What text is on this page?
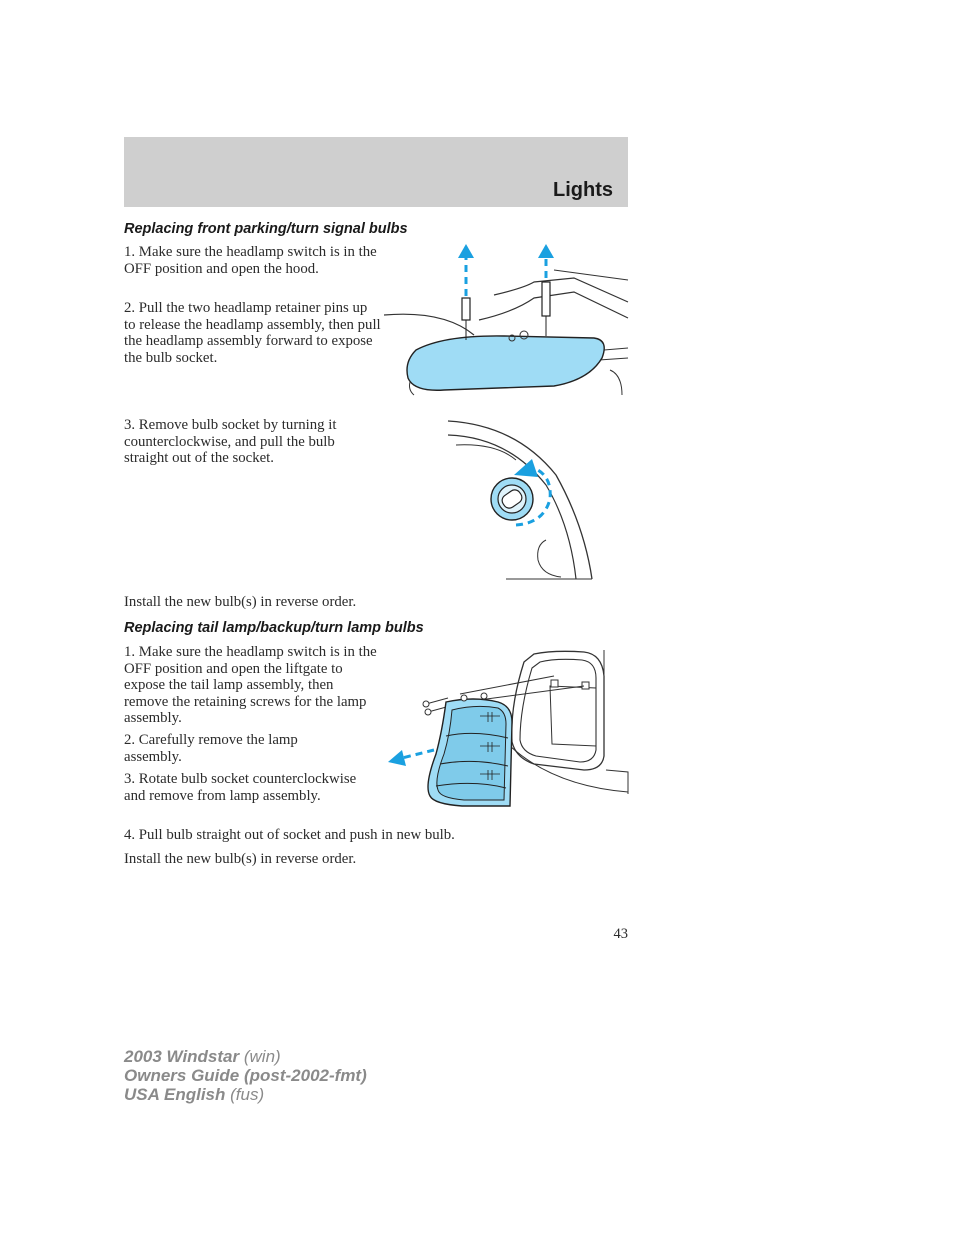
Lights
Replacing front parking/turn signal bulbs
1. Make sure the headlamp switch is in the OFF position and open the hood.
2. Pull the two headlamp retainer pins up to release the headlamp assembly, then pull the headlamp assembly forward to expose the bulb socket.
3. Remove bulb socket by turning it counterclockwise, and pull the bulb straight out of the socket.
Install the new bulb(s) in reverse order.
Replacing tail lamp/backup/turn lamp bulbs
1. Make sure the headlamp switch is in the OFF position and open the liftgate to expose the tail lamp assembly, then remove the retaining screws for the lamp assembly.
2. Carefully remove the lamp assembly.
3. Rotate bulb socket counterclockwise and remove from lamp assembly.
4. Pull bulb straight out of socket and push in new bulb.
Install the new bulb(s) in reverse order.
43
2003 Windstar (win)
Owners Guide (post-2002-fmt)
USA English (fus)
